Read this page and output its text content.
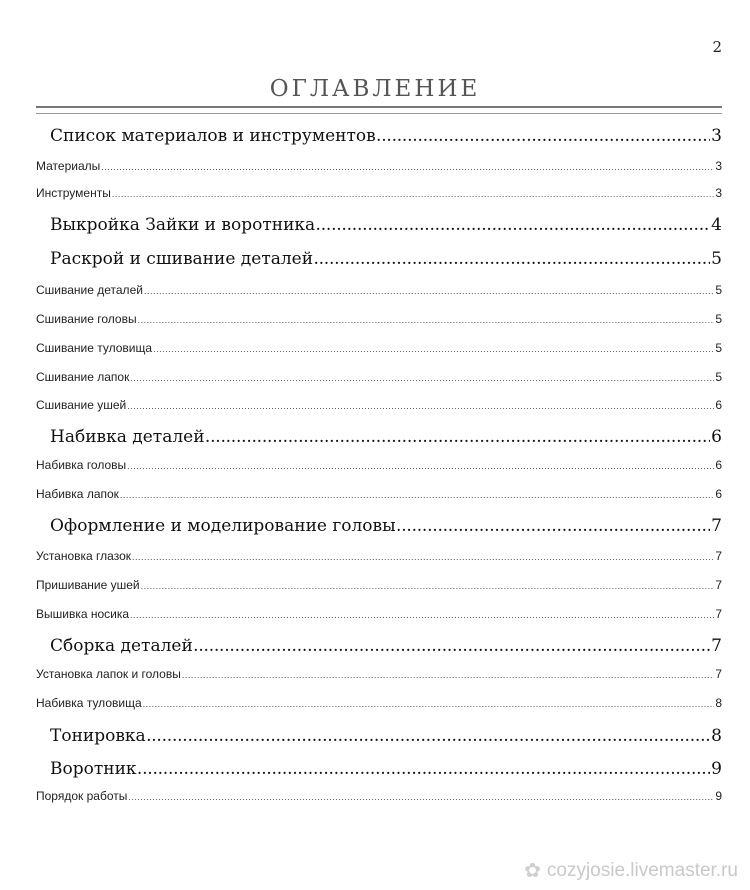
2
ОГЛАВЛЕНИЕ
Список материалов и инструментов .....	3
Материалы .....	3
Инструменты .....	3
Выкройка Зайки и воротника .....	4
Раскрой и сшивание деталей .....	5
Сшивание деталей .....	5
Сшивание головы .....	5
Сшивание туловища .....	5
Сшивание лапок .....	5
Сшивание ушей .....	6
Набивка деталей .....	6
Набивка головы .....	6
Набивка лапок .....	6
Оформление и моделирование головы .....	7
Установка глазок .....	7
Пришивание ушей .....	7
Вышивка носика .....	7
Сборка деталей .....	7
Установка лапок и головы .....	7
Набивка туловища .....	8
Тонировка .....	8
Воротник .....	9
Порядок работы .....	9
✿ cozyjosie.livemaster.ru
